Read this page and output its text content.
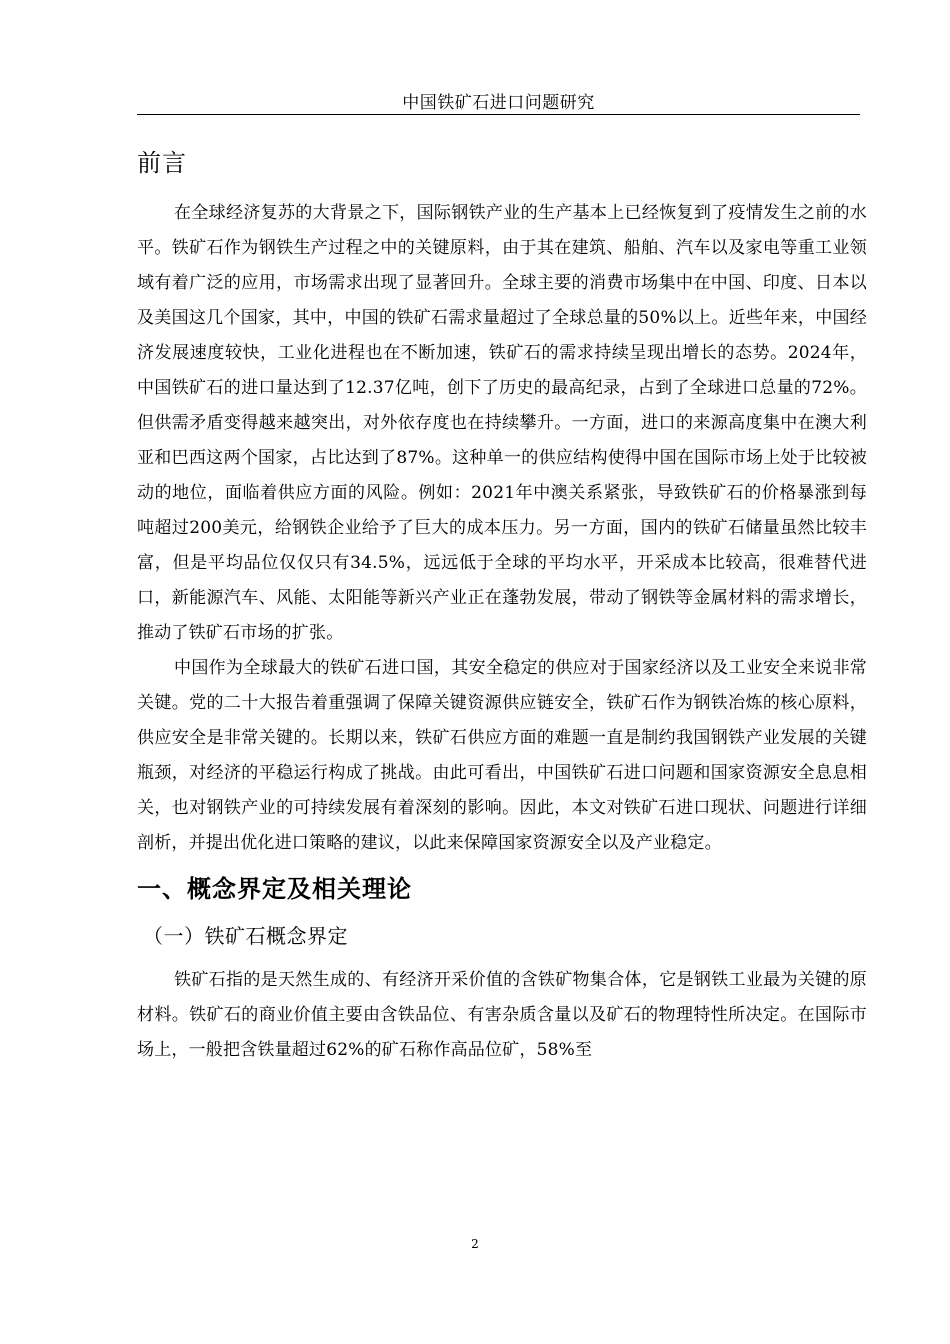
中国铁矿石进口问题研究
前言

在全球经济复苏的大背景之下，国际钢铁产业的生产基本上已经恢复到了疫情发生之前的水平。铁矿石作为钢铁生产过程之中的关键原料，由于其在建筑、船舶、汽车以及家电等重工业领域有着广泛的应用，市场需求出现了显著回升。全球主要的消费市场集中在中国、印度、日本以及美国这几个国家，其中，中国的铁矿石需求量超过了全球总量的50%以上。近些年来，中国经济发展速度较快，工业化进程也在不断加速，铁矿石的需求持续呈现出增长的态势。2024年，中国铁矿石的进口量达到了12.37亿吨，创下了历史的最高纪录，占到了全球进口总量的72%。但供需矛盾变得越来越突出，对外依存度也在持续攀升。一方面，进口的来源高度集中在澳大利亚和巴西这两个国家，占比达到了87%。这种单一的供应结构使得中国在国际市场上处于比较被动的地位，面临着供应方面的风险。例如：2021年中澳关系紧张，导致铁矿石的价格暴涨到每吨超过200美元，给钢铁企业给予了巨大的成本压力。另一方面，国内的铁矿石储量虽然比较丰富，但是平均品位仅仅只有34.5%，远远低于全球的平均水平，开采成本比较高，很难替代进口，新能源汽车、风能、太阳能等新兴产业正在蓬勃发展，带动了钢铁等金属材料的需求增长，推动了铁矿石市场的扩张。

中国作为全球最大的铁矿石进口国，其安全稳定的供应对于国家经济以及工业安全来说非常关键。党的二十大报告着重强调了保障关键资源供应链安全，铁矿石作为钢铁冶炼的核心原料，供应安全是非常关键的。长期以来，铁矿石供应方面的难题一直是制约我国钢铁产业发展的关键瓶颈，对经济的平稳运行构成了挑战。由此可看出，中国铁矿石进口问题和国家资源安全息息相关，也对钢铁产业的可持续发展有着深刻的影响。因此，本文对铁矿石进口现状、问题进行详细剖析，并提出优化进口策略的建议，以此来保障国家资源安全以及产业稳定。

一、概念界定及相关理论
（一）铁矿石概念界定

铁矿石指的是天然生成的、有经济开采价值的含铁矿物集合体，它是钢铁工业最为关键的原材料。铁矿石的商业价值主要由含铁品位、有害杂质含量以及矿石的物理特性所决定。在国际市场上，一般把含铁量超过62%的矿石称作高品位矿，58%至

2
